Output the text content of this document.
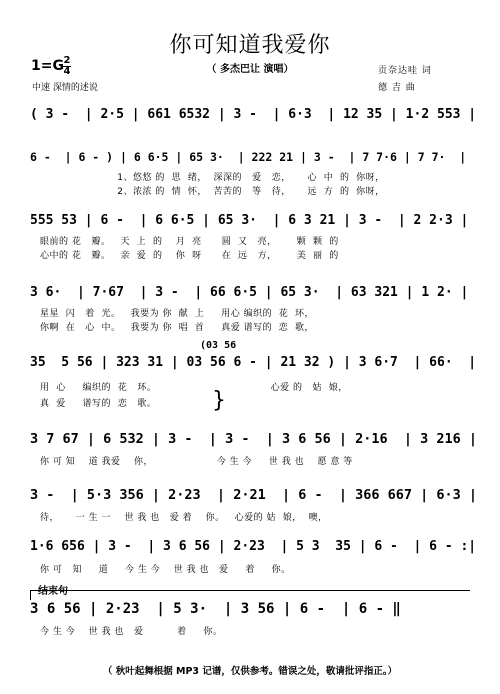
你可知道我爱你
（ 多杰巴让 演唱）
1=G 2
4
中速 深情的述说
贡奈达哇 词
德 吉 曲
( 3 -  | 2·5 | 661 6532 | 3 -  | 6·3  | 12 35 | 1·2 553 |
6 -  | 6 - ) | 6 6·5 | 65 3·  | 222 21 | 3 -  | 7 7·6 | 7 7·  |
1、悠悠 的  思  绪，  深深的   爱   恋，     心  中  的  你呀，
2、浓浓 的  情  怀，  苦苦的   等   待，     远  方  的  你呀，
555 53 | 6 -  | 6 6·5 | 65 3·  | 6 3 21 | 3 -  | 2 2·3 |
眼前的 花   瓣。   天  上  的    月  亮      圆  又   亮，      颗  颗  的
心中的 花   瓣。   亲  爱  的    你  呀      在  远   方，      美  丽  的
3 6·  | 7·67  | 3 -  | 66 6·5 | 65 3·  | 63 321 | 1 2· |
星星  闪   着  光。   我要为 你  献  上     用心 编织的  花  环，
你啊  在   心  中。   我要为 你  唱  首     真爱 谱写的  恋  歌，
(03 56
35  5 56 | 323 31 | 03 56 6 - | 21 32 ) | 3 6·7  | 66·  |
用  心     编织的  花   环。                                  心爱 的   姑  娘，
真  爱     谱写的  恋   歌。	}
3 7 67 | 6 532 | 3 -  | 3 -  | 3 6 56 | 2·16  | 3 216 |
你 可 知    道 我爱    你，                   今 生 今     世 我 也    愿 意 等
3 -  | 5·3 356 | 2·23  | 2·21  | 6 -  | 366 667 | 6·3 |
待，     一 生 一    世 我 也   爱 着    你。   心爱的 姑  娘，  噢，
1·6 656 | 3 -  | 3 6 56 | 2·23  | 5 3  35 | 6 -  | 6 - :|
你 可   知     道     今 生 今    世 我 也   爱     着     你。
结束句
3 6 56 | 2·23  | 5 3·  | 3 56 | 6 -  | 6 - ‖
今 生 今    世 我 也   爱          着     你。
（ 秋叶起舞根据 MP3 记谱，仅供参考。错误之处，敬请批评指正。）
